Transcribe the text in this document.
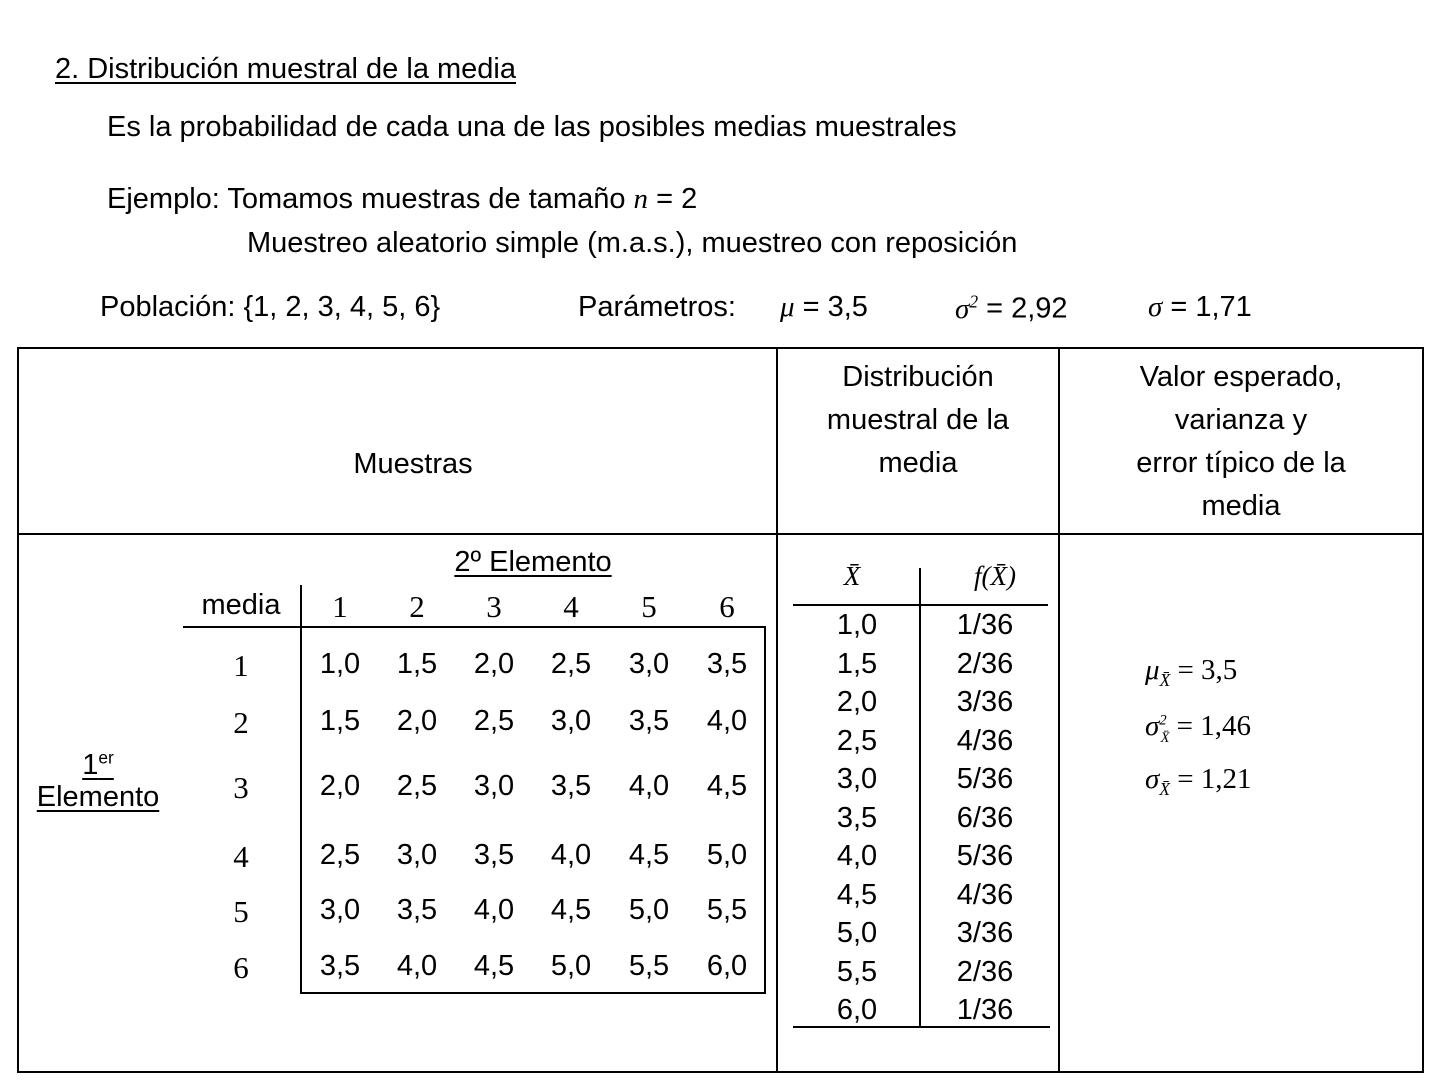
2. Distribución muestral de la media
Es la probabilidad de cada una de las posibles medias muestrales
Ejemplo: Tomamos muestras de tamaño n = 2
Muestreo aleatorio simple (m.a.s.), muestreo con reposición
Población: {1, 2, 3, 4, 5, 6}	Parámetros: μ = 3,5	$\sigma^2 = 2,92$	σ = 1,71
Muestras
Distribución
muestral de la
media
Valor esperado,
varianza y
error típico de la
media
2º Elemento
1er
Elemento
media 1 2 3 4 5 6
1 1,0 1,5 2,0 2,5 3,0 3,5
2 1,5 2,0 2,5 3,0 3,5 4,0
3 2,0 2,5 3,0 3,5 4,0 4,5
4 2,5 3,0 3,5 4,0 4,5 5,0
5 3,0 3,5 4,0 4,5 5,0 5,5
6 3,5 4,0 4,5 5,0 5,5 6,0
X̄	f(X̄)
1,0	1/36
1,5	2/36
2,0	3/36
2,5	4/36
3,0	5/36
3,5	6/36
4,0	5/36
4,5	4/36
5,0	3/36
5,5	2/36
6,0	1/36
$\mu_{X̄} = 3,5$
$\sigma^2_{X̄} = 1,46$
$\sigma_{X̄} = 1,21$
